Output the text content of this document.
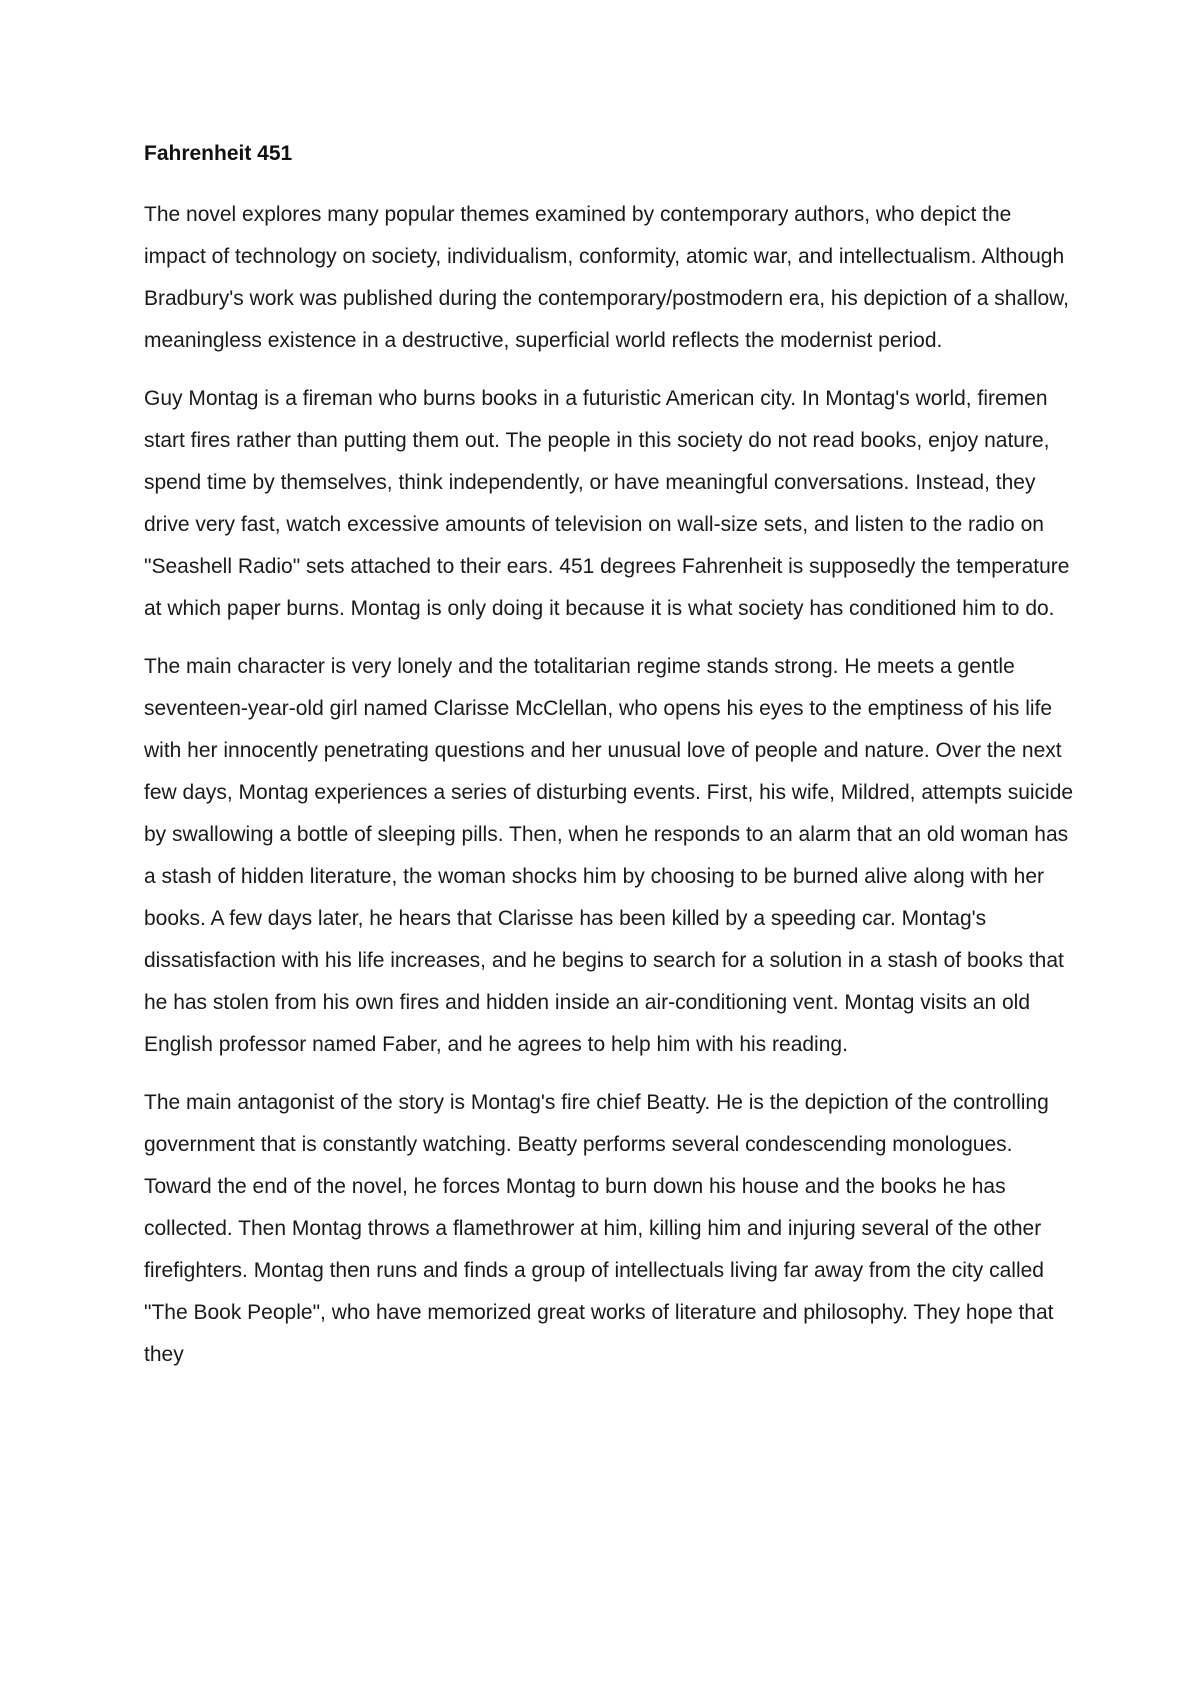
Fahrenheit 451

The novel explores many popular themes examined by contemporary authors, who depict the impact of technology on society, individualism, conformity, atomic war, and intellectualism. Although Bradbury's work was published during the contemporary/postmodern era, his depiction of a shallow, meaningless existence in a destructive, superficial world reflects the modernist period.

Guy Montag is a fireman who burns books in a futuristic American city. In Montag's world, firemen start fires rather than putting them out. The people in this society do not read books, enjoy nature, spend time by themselves, think independently, or have meaningful conversations. Instead, they drive very fast, watch excessive amounts of television on wall-size sets, and listen to the radio on "Seashell Radio" sets attached to their ears. 451 degrees Fahrenheit is supposedly the temperature at which paper burns. Montag is only doing it because it is what society has conditioned him to do.

The main character is very lonely and the totalitarian regime stands strong. He meets a gentle seventeen-year-old girl named Clarisse McClellan, who opens his eyes to the emptiness of his life with her innocently penetrating questions and her unusual love of people and nature. Over the next few days, Montag experiences a series of disturbing events. First, his wife, Mildred, attempts suicide by swallowing a bottle of sleeping pills. Then, when he responds to an alarm that an old woman has a stash of hidden literature, the woman shocks him by choosing to be burned alive along with her books. A few days later, he hears that Clarisse has been killed by a speeding car. Montag's dissatisfaction with his life increases, and he begins to search for a solution in a stash of books that he has stolen from his own fires and hidden inside an air-conditioning vent. Montag visits an old English professor named Faber, and he agrees to help him with his reading.

The main antagonist of the story is Montag's fire chief Beatty. He is the depiction of the controlling government that is constantly watching. Beatty performs several condescending monologues. Toward the end of the novel, he forces Montag to burn down his house and the books he has collected. Then Montag throws a flamethrower at him, killing him and injuring several of the other firefighters. Montag then runs and finds a group of intellectuals living far away from the city called "The Book People", who have memorized great works of literature and philosophy. They hope that they
